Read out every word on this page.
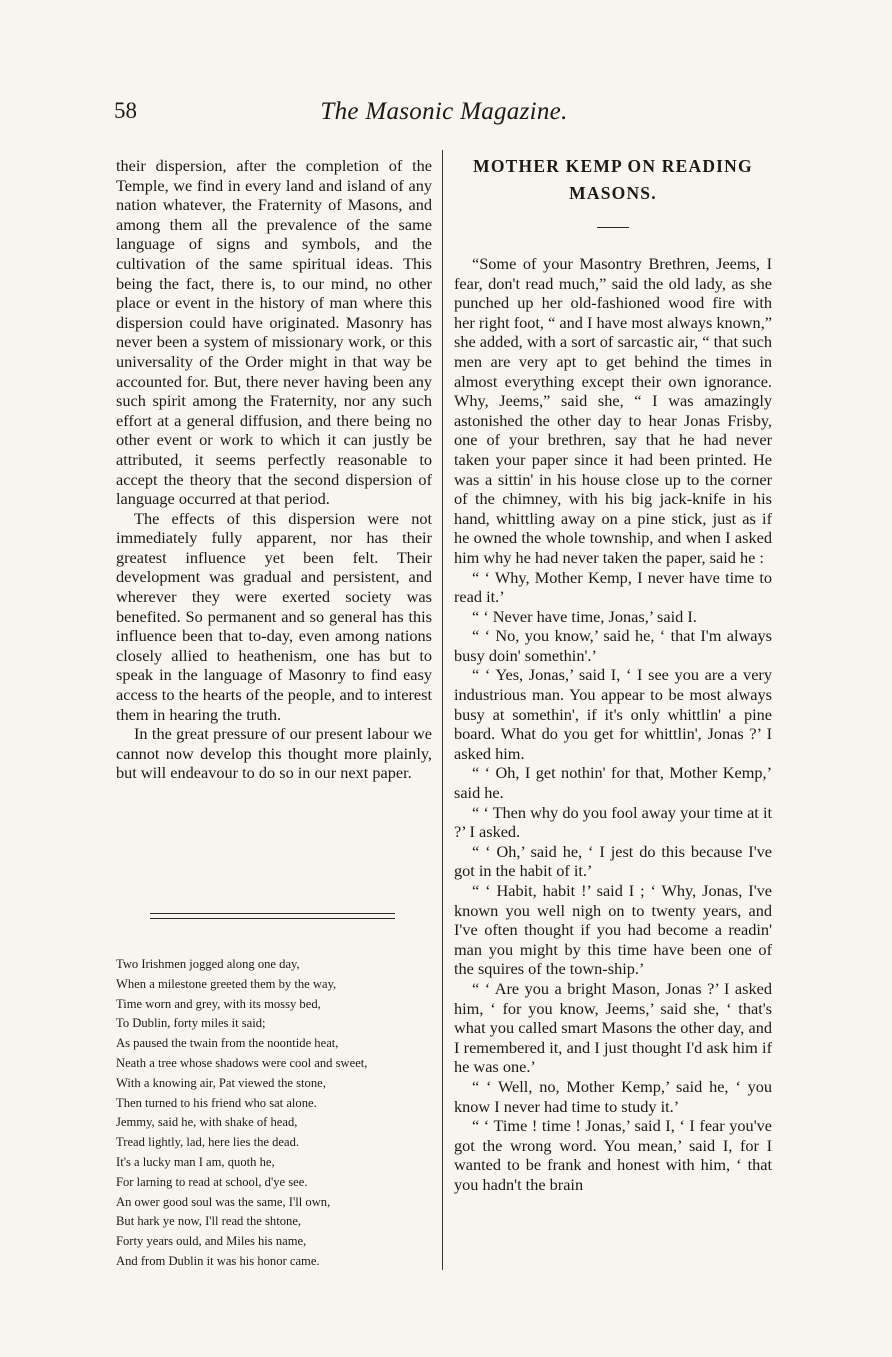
58	The Masonic Magazine.

their dispersion, after the completion of the Temple, we find in every land and island of any nation whatever, the Fraternity of Masons, and among them all the prevalence of the same language of signs and symbols, and the cultivation of the same spiritual ideas. This being the fact, there is, to our mind, no other place or event in the history of man where this dispersion could have originated. Masonry has never been a system of missionary work, or this universality of the Order might in that way be accounted for. But, there never having been any such spirit among the Fraternity, nor any such effort at a general diffusion, and there being no other event or work to which it can justly be attributed, it seems perfectly reasonable to accept the theory that the second dispersion of language occurred at that period.

The effects of this dispersion were not immediately fully apparent, nor has their greatest influence yet been felt. Their development was gradual and persistent, and wherever they were exerted society was benefited. So permanent and so general has this influence been that to-day, even among nations closely allied to heathenism, one has but to speak in the language of Masonry to find easy access to the hearts of the people, and to interest them in hearing the truth.

In the great pressure of our present labour we cannot now develop this thought more plainly, but will endeavour to do so in our next paper.

Two Irishmen jogged along one day,
When a milestone greeted them by the way,
Time worn and grey, with its mossy bed,
To Dublin, forty miles it said;
As paused the twain from the noontide heat,
Neath a tree whose shadows were cool and sweet,
With a knowing air, Pat viewed the stone,
Then turned to his friend who sat alone.
Jemmy, said he, with shake of head,
Tread lightly, lad, here lies the dead.
It's a lucky man I am, quoth he,
For larning to read at school, d'ye see.
An ower good soul was the same, I'll own,
But hark ye now, I'll read the shtone,
Forty years ould, and Miles his name,
And from Dublin it was his honor came.
MOTHER KEMP ON READING MASONS.

“Some of your Masontry Brethren, Jeems, I fear, don't read much,” said the old lady, as she punched up her old-fashioned wood fire with her right foot, “ and I have most always known,” she added, with a sort of sarcastic air, “ that such men are very apt to get behind the times in almost everything except their own ignorance. Why, Jeems,” said she, “ I was amazingly astonished the other day to hear Jonas Frisby, one of your brethren, say that he had never taken your paper since it had been printed. He was a sittin' in his house close up to the corner of the chimney, with his big jack-knife in his hand, whittling away on a pine stick, just as if he owned the whole township, and when I asked him why he had never taken the paper, said he :

“ ‘ Why, Mother Kemp, I never have time to read it.’

“ ‘ Never have time, Jonas,’ said I.

“ ‘ No, you know,’ said he, ‘ that I'm always busy doin' somethin'.’

“ ‘ Yes, Jonas,’ said I, ‘ I see you are a very industrious man. You appear to be most always busy at somethin', if it's only whittlin' a pine board. What do you get for whittlin', Jonas ?’ I asked him.

“ ‘ Oh, I get nothin' for that, Mother Kemp,’ said he.

“ ‘ Then why do you fool away your time at it ?’ I asked.

“ ‘ Oh,’ said he, ‘ I jest do this because I've got in the habit of it.’

“ ‘ Habit, habit !’ said I ; ‘ Why, Jonas, I've known you well nigh on to twenty years, and I've often thought if you had become a readin' man you might by this time have been one of the squires of the town-ship.’

“ ‘ Are you a bright Mason, Jonas ?’ I asked him, ‘ for you know, Jeems,’ said she, ‘ that's what you called smart Masons the other day, and I remembered it, and I just thought I'd ask him if he was one.’

“ ‘ Well, no, Mother Kemp,’ said he, ‘ you know I never had time to study it.’

“ ‘ Time ! time ! Jonas,’ said I, ‘ I fear you've got the wrong word. You mean,’ said I, for I wanted to be frank and honest with him, ‘ that you hadn't the brain
